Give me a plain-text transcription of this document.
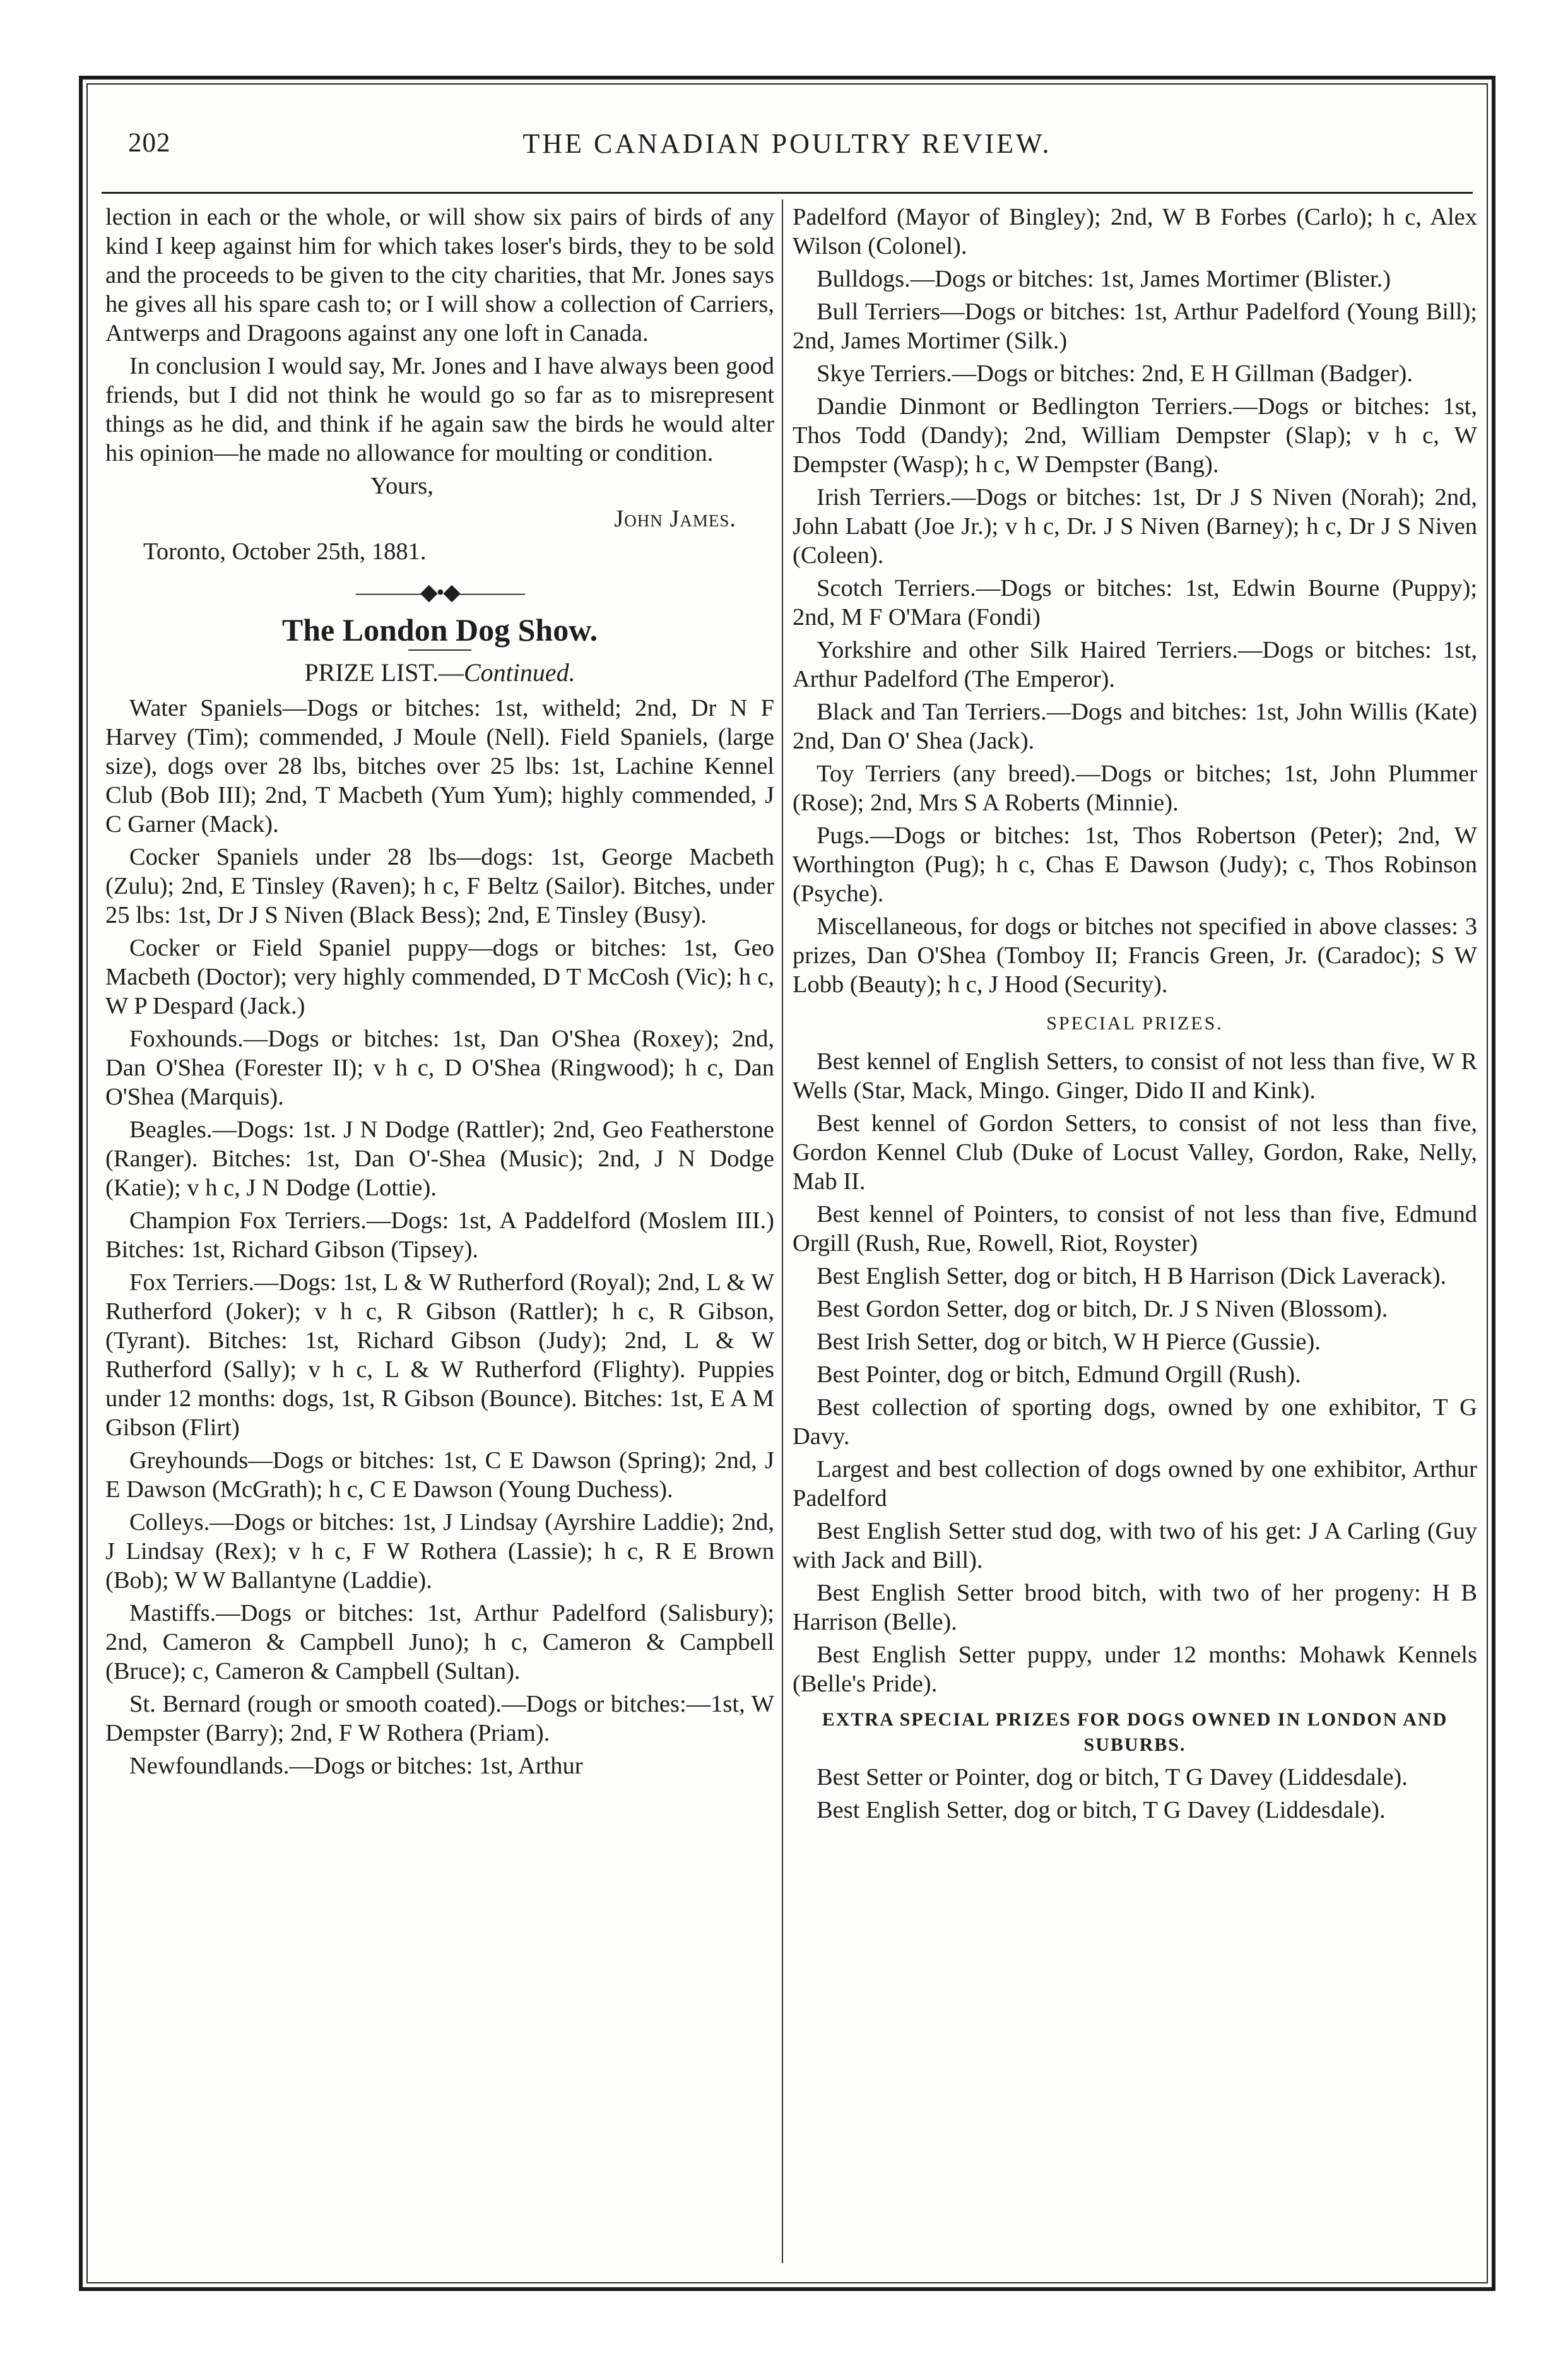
202	THE CANADIAN POULTRY REVIEW.

lection in each or the whole, or will show six pairs of birds of any kind I keep against him for which takes loser's birds, they to be sold and the proceeds to be given to the city charities, that Mr. Jones says he gives all his spare cash to; or I will show a collection of Carriers, Antwerps and Dragoons against any one loft in Canada.

In conclusion I would say, Mr. Jones and I have always been good friends, but I did not think he would go so far as to misrepresent things as he did, and think if he again saw the birds he would alter his opinion—he made no allowance for moulting or condition.

Yours,

John James.

Toronto, October 25th, 1881.

———◆•◆———
The London Dog Show.
PRIZE LIST.—Continued.

Water Spaniels—Dogs or bitches: 1st, witheld; 2nd, Dr N F Harvey (Tim); commended, J Moule (Nell). Field Spaniels, (large size), dogs over 28 lbs, bitches over 25 lbs: 1st, Lachine Kennel Club (Bob III); 2nd, T Macbeth (Yum Yum); highly commended, J C Garner (Mack).

Cocker Spaniels under 28 lbs—dogs: 1st, George Macbeth (Zulu); 2nd, E Tinsley (Raven); h c, F Beltz (Sailor). Bitches, under 25 lbs: 1st, Dr J S Niven (Black Bess); 2nd, E Tinsley (Busy).

Cocker or Field Spaniel puppy—dogs or bitches: 1st, Geo Macbeth (Doctor); very highly commended, D T McCosh (Vic); h c, W P Despard (Jack.)

Foxhounds.—Dogs or bitches: 1st, Dan O'Shea (Roxey); 2nd, Dan O'Shea (Forester II); v h c, D O'Shea (Ringwood); h c, Dan O'Shea (Marquis).

Beagles.—Dogs: 1st. J N Dodge (Rattler); 2nd, Geo Featherstone (Ranger). Bitches: 1st, Dan O'-Shea (Music); 2nd, J N Dodge (Katie); v h c, J N Dodge (Lottie).

Champion Fox Terriers.—Dogs: 1st, A Paddelford (Moslem III.) Bitches: 1st, Richard Gibson (Tipsey).

Fox Terriers.—Dogs: 1st, L & W Rutherford (Royal); 2nd, L & W Rutherford (Joker); v h c, R Gibson (Rattler); h c, R Gibson, (Tyrant). Bitches: 1st, Richard Gibson (Judy); 2nd, L & W Rutherford (Sally); v h c, L & W Rutherford (Flighty). Puppies under 12 months: dogs, 1st, R Gibson (Bounce). Bitches: 1st, E A M Gibson (Flirt)

Greyhounds—Dogs or bitches: 1st, C E Dawson (Spring); 2nd, J E Dawson (McGrath); h c, C E Dawson (Young Duchess).

Colleys.—Dogs or bitches: 1st, J Lindsay (Ayrshire Laddie); 2nd, J Lindsay (Rex); v h c, F W Rothera (Lassie); h c, R E Brown (Bob); W W Ballantyne (Laddie).

Mastiffs.—Dogs or bitches: 1st, Arthur Padelford (Salisbury); 2nd, Cameron & Campbell Juno); h c, Cameron & Campbell (Bruce); c, Cameron & Campbell (Sultan).

St. Bernard (rough or smooth coated).—Dogs or bitches:—1st, W Dempster (Barry); 2nd, F W Rothera (Priam).

Newfoundlands.—Dogs or bitches: 1st, Arthur

Padelford (Mayor of Bingley); 2nd, W B Forbes (Carlo); h c, Alex Wilson (Colonel).

Bulldogs.—Dogs or bitches: 1st, James Mortimer (Blister.)

Bull Terriers—Dogs or bitches: 1st, Arthur Padelford (Young Bill); 2nd, James Mortimer (Silk.)

Skye Terriers.—Dogs or bitches: 2nd, E H Gillman (Badger).

Dandie Dinmont or Bedlington Terriers.—Dogs or bitches: 1st, Thos Todd (Dandy); 2nd, William Dempster (Slap); v h c, W Dempster (Wasp); h c, W Dempster (Bang).

Irish Terriers.—Dogs or bitches: 1st, Dr J S Niven (Norah); 2nd, John Labatt (Joe Jr.); v h c, Dr. J S Niven (Barney); h c, Dr J S Niven (Coleen).

Scotch Terriers.—Dogs or bitches: 1st, Edwin Bourne (Puppy); 2nd, M F O'Mara (Fondi)

Yorkshire and other Silk Haired Terriers.—Dogs or bitches: 1st, Arthur Padelford (The Emperor).

Black and Tan Terriers.—Dogs and bitches: 1st, John Willis (Kate) 2nd, Dan O' Shea (Jack).

Toy Terriers (any breed).—Dogs or bitches; 1st, John Plummer (Rose); 2nd, Mrs S A Roberts (Minnie).

Pugs.—Dogs or bitches: 1st, Thos Robertson (Peter); 2nd, W Worthington (Pug); h c, Chas E Dawson (Judy); c, Thos Robinson (Psyche).

Miscellaneous, for dogs or bitches not specified in above classes: 3 prizes, Dan O'Shea (Tomboy II; Francis Green, Jr. (Caradoc); S W Lobb (Beauty); h c, J Hood (Security).

SPECIAL PRIZES.

Best kennel of English Setters, to consist of not less than five, W R Wells (Star, Mack, Mingo. Ginger, Dido II and Kink).

Best kennel of Gordon Setters, to consist of not less than five, Gordon Kennel Club (Duke of Locust Valley, Gordon, Rake, Nelly, Mab II.

Best kennel of Pointers, to consist of not less than five, Edmund Orgill (Rush, Rue, Rowell, Riot, Royster)

Best English Setter, dog or bitch, H B Harrison (Dick Laverack).

Best Gordon Setter, dog or bitch, Dr. J S Niven (Blossom).

Best Irish Setter, dog or bitch, W H Pierce (Gussie).

Best Pointer, dog or bitch, Edmund Orgill (Rush).

Best collection of sporting dogs, owned by one exhibitor, T G Davy.

Largest and best collection of dogs owned by one exhibitor, Arthur Padelford

Best English Setter stud dog, with two of his get: J A Carling (Guy with Jack and Bill).

Best English Setter brood bitch, with two of her progeny: H B Harrison (Belle).

Best English Setter puppy, under 12 months: Mohawk Kennels (Belle's Pride).

EXTRA SPECIAL PRIZES FOR DOGS OWNED IN LONDON AND SUBURBS.

Best Setter or Pointer, dog or bitch, T G Davey (Liddesdale).

Best English Setter, dog or bitch, T G Davey (Liddesdale).
